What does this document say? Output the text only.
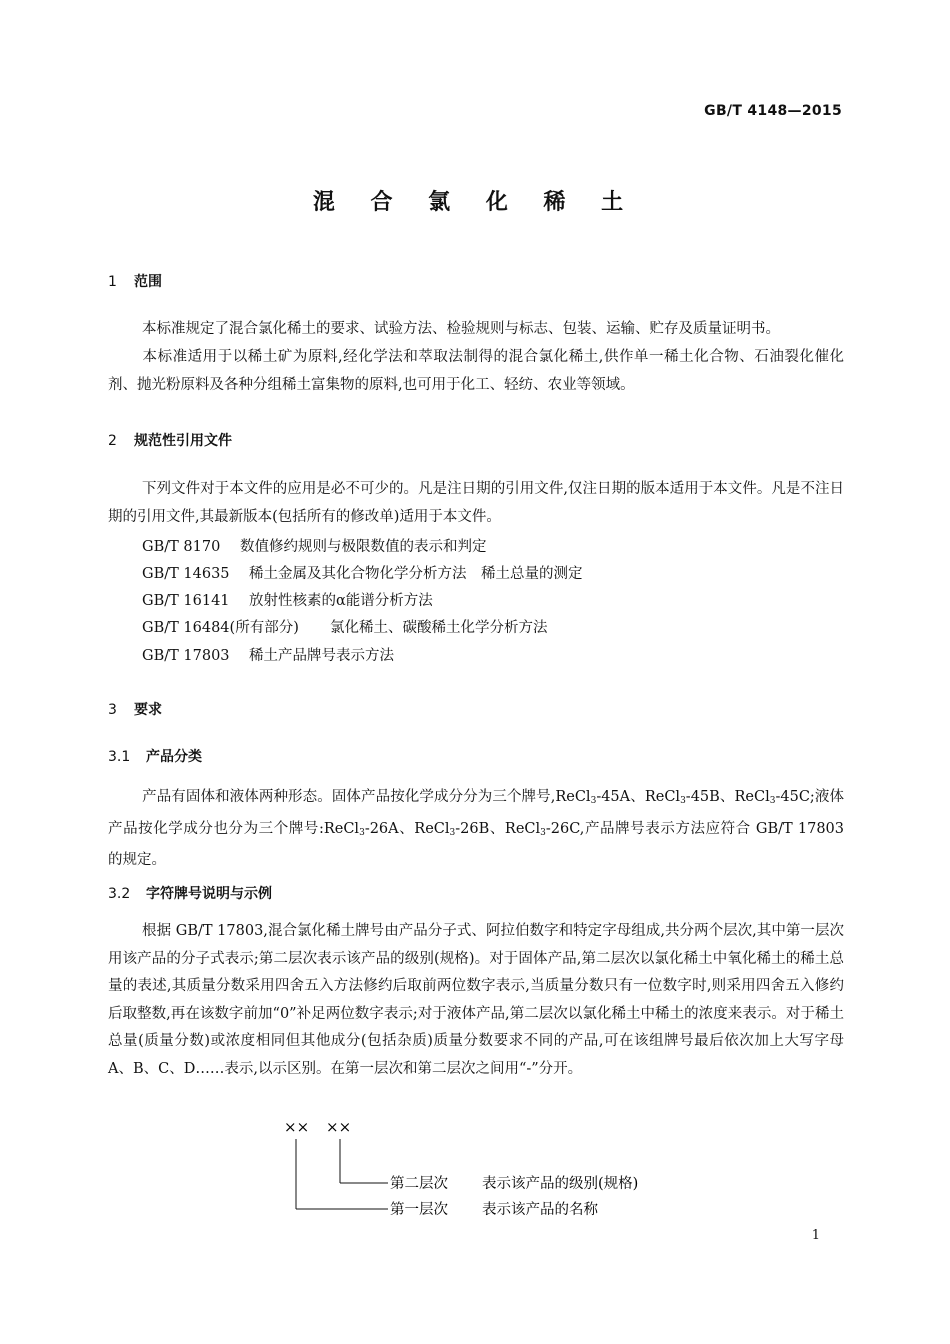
GB/T 4148—2015
混 合 氯 化 稀 土
1 范围
本标准规定了混合氯化稀土的要求、试验方法、检验规则与标志、包装、运输、贮存及质量证明书。
本标准适用于以稀土矿为原料,经化学法和萃取法制得的混合氯化稀土,供作单一稀土化合物、石油裂化催化剂、抛光粉原料及各种分组稀土富集物的原料,也可用于化工、轻纺、农业等领域。
2 规范性引用文件
下列文件对于本文件的应用是必不可少的。凡是注日期的引用文件,仅注日期的版本适用于本文件。凡是不注日期的引用文件,其最新版本(包括所有的修改单)适用于本文件。
GB/T 8170 数值修约规则与极限数值的表示和判定
GB/T 14635 稀土金属及其化合物化学分析方法　稀土总量的测定
GB/T 16141 放射性核素的α能谱分析方法
GB/T 16484(所有部分) 氯化稀土、碳酸稀土化学分析方法
GB/T 17803 稀土产品牌号表示方法
3 要求
3.1 产品分类
产品有固体和液体两种形态。固体产品按化学成分分为三个牌号,ReCl$_3$-45A、ReCl$_3$-45B、ReCl$_3$-45C;液体产品按化学成分也分为三个牌号:ReCl$_3$-26A、ReCl$_3$-26B、ReCl$_3$-26C,产品牌号表示方法应符合 GB/T 17803 的规定。
3.2 字符牌号说明与示例
根据 GB/T 17803,混合氯化稀土牌号由产品分子式、阿拉伯数字和特定字母组成,共分两个层次,其中第一层次用该产品的分子式表示;第二层次表示该产品的级别(规格)。对于固体产品,第二层次以氯化稀土中氧化稀土的稀土总量的表述,其质量分数采用四舍五入方法修约后取前两位数字表示,当质量分数只有一位数字时,则采用四舍五入修约后取整数,再在该数字前加“0”补足两位数字表示;对于液体产品,第二层次以氯化稀土中稀土的浓度来表示。对于稀土总量(质量分数)或浓度相同但其他成分(包括杂质)质量分数要求不同的产品,可在该组牌号最后依次加上大写字母 A、B、C、D……表示,以示区别。在第一层次和第二层次之间用“-”分开。
×× ××
第二层次 表示该产品的级别(规格)
第一层次 表示该产品的名称
1
